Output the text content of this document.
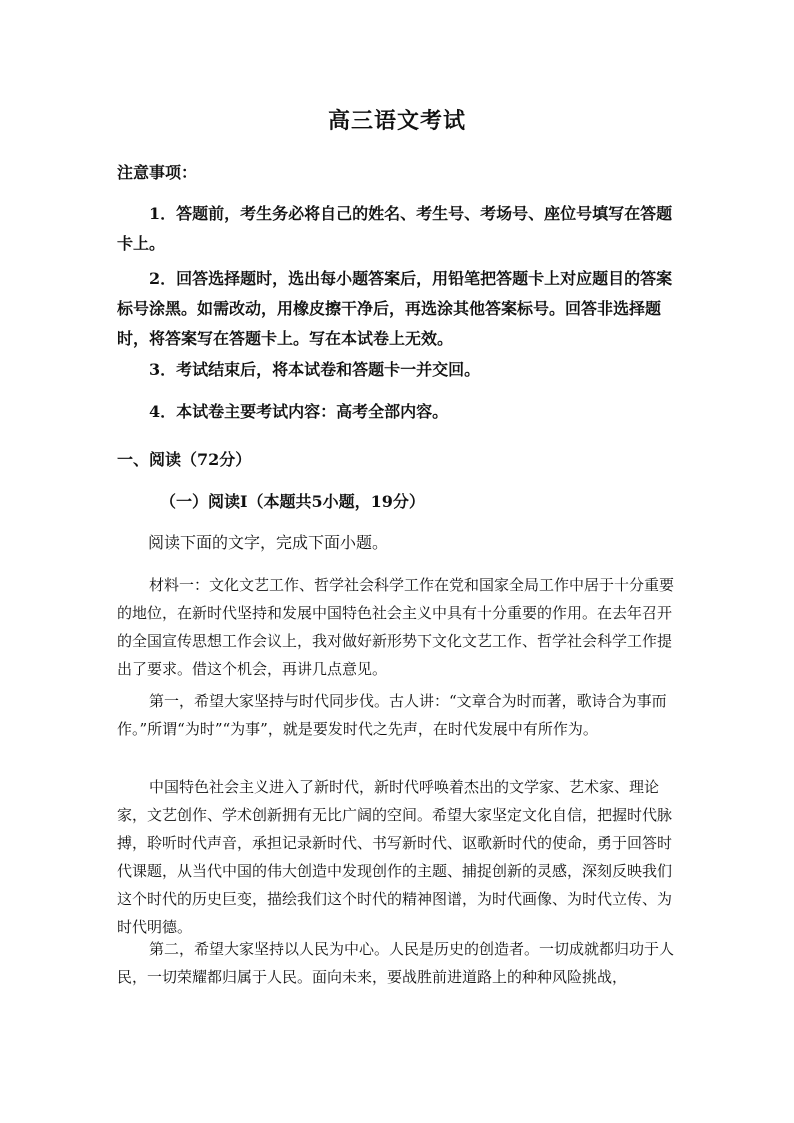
高三语文考试
注意事项：
1．答题前，考生务必将自己的姓名、考生号、考场号、座位号填写在答题卡上。
2．回答选择题时，选出每小题答案后，用铅笔把答题卡上对应题目的答案标号涂黑。如需改动，用橡皮擦干净后，再选涂其他答案标号。回答非选择题时，将答案写在答题卡上。写在本试卷上无效。
3．考试结束后，将本试卷和答题卡一并交回。
4．本试卷主要考试内容：高考全部内容。
一、阅读（72分）
（一）阅读Ⅰ（本题共5小题，19分）
阅读下面的文字，完成下面小题。
材料一：文化文艺工作、哲学社会科学工作在党和国家全局工作中居于十分重要的地位，在新时代坚持和发展中国特色社会主义中具有十分重要的作用。在去年召开的全国宣传思想工作会议上，我对做好新形势下文化文艺工作、哲学社会科学工作提出了要求。借这个机会，再讲几点意见。
第一，希望大家坚持与时代同步伐。古人讲：“文章合为时而著，歌诗合为事而作。”所谓“为时”“为事”，就是要发时代之先声，在时代发展中有所作为。
中国特色社会主义进入了新时代，新时代呼唤着杰出的文学家、艺术家、理论家，文艺创作、学术创新拥有无比广阔的空间。希望大家坚定文化自信，把握时代脉搏，聆听时代声音，承担记录新时代、书写新时代、讴歌新时代的使命，勇于回答时代课题，从当代中国的伟大创造中发现创作的主题、捕捉创新的灵感，深刻反映我们这个时代的历史巨变，描绘我们这个时代的精神图谱，为时代画像、为时代立传、为时代明德。
第二，希望大家坚持以人民为中心。人民是历史的创造者。一切成就都归功于人民，一切荣耀都归属于人民。面向未来，要战胜前进道路上的种种风险挑战，
